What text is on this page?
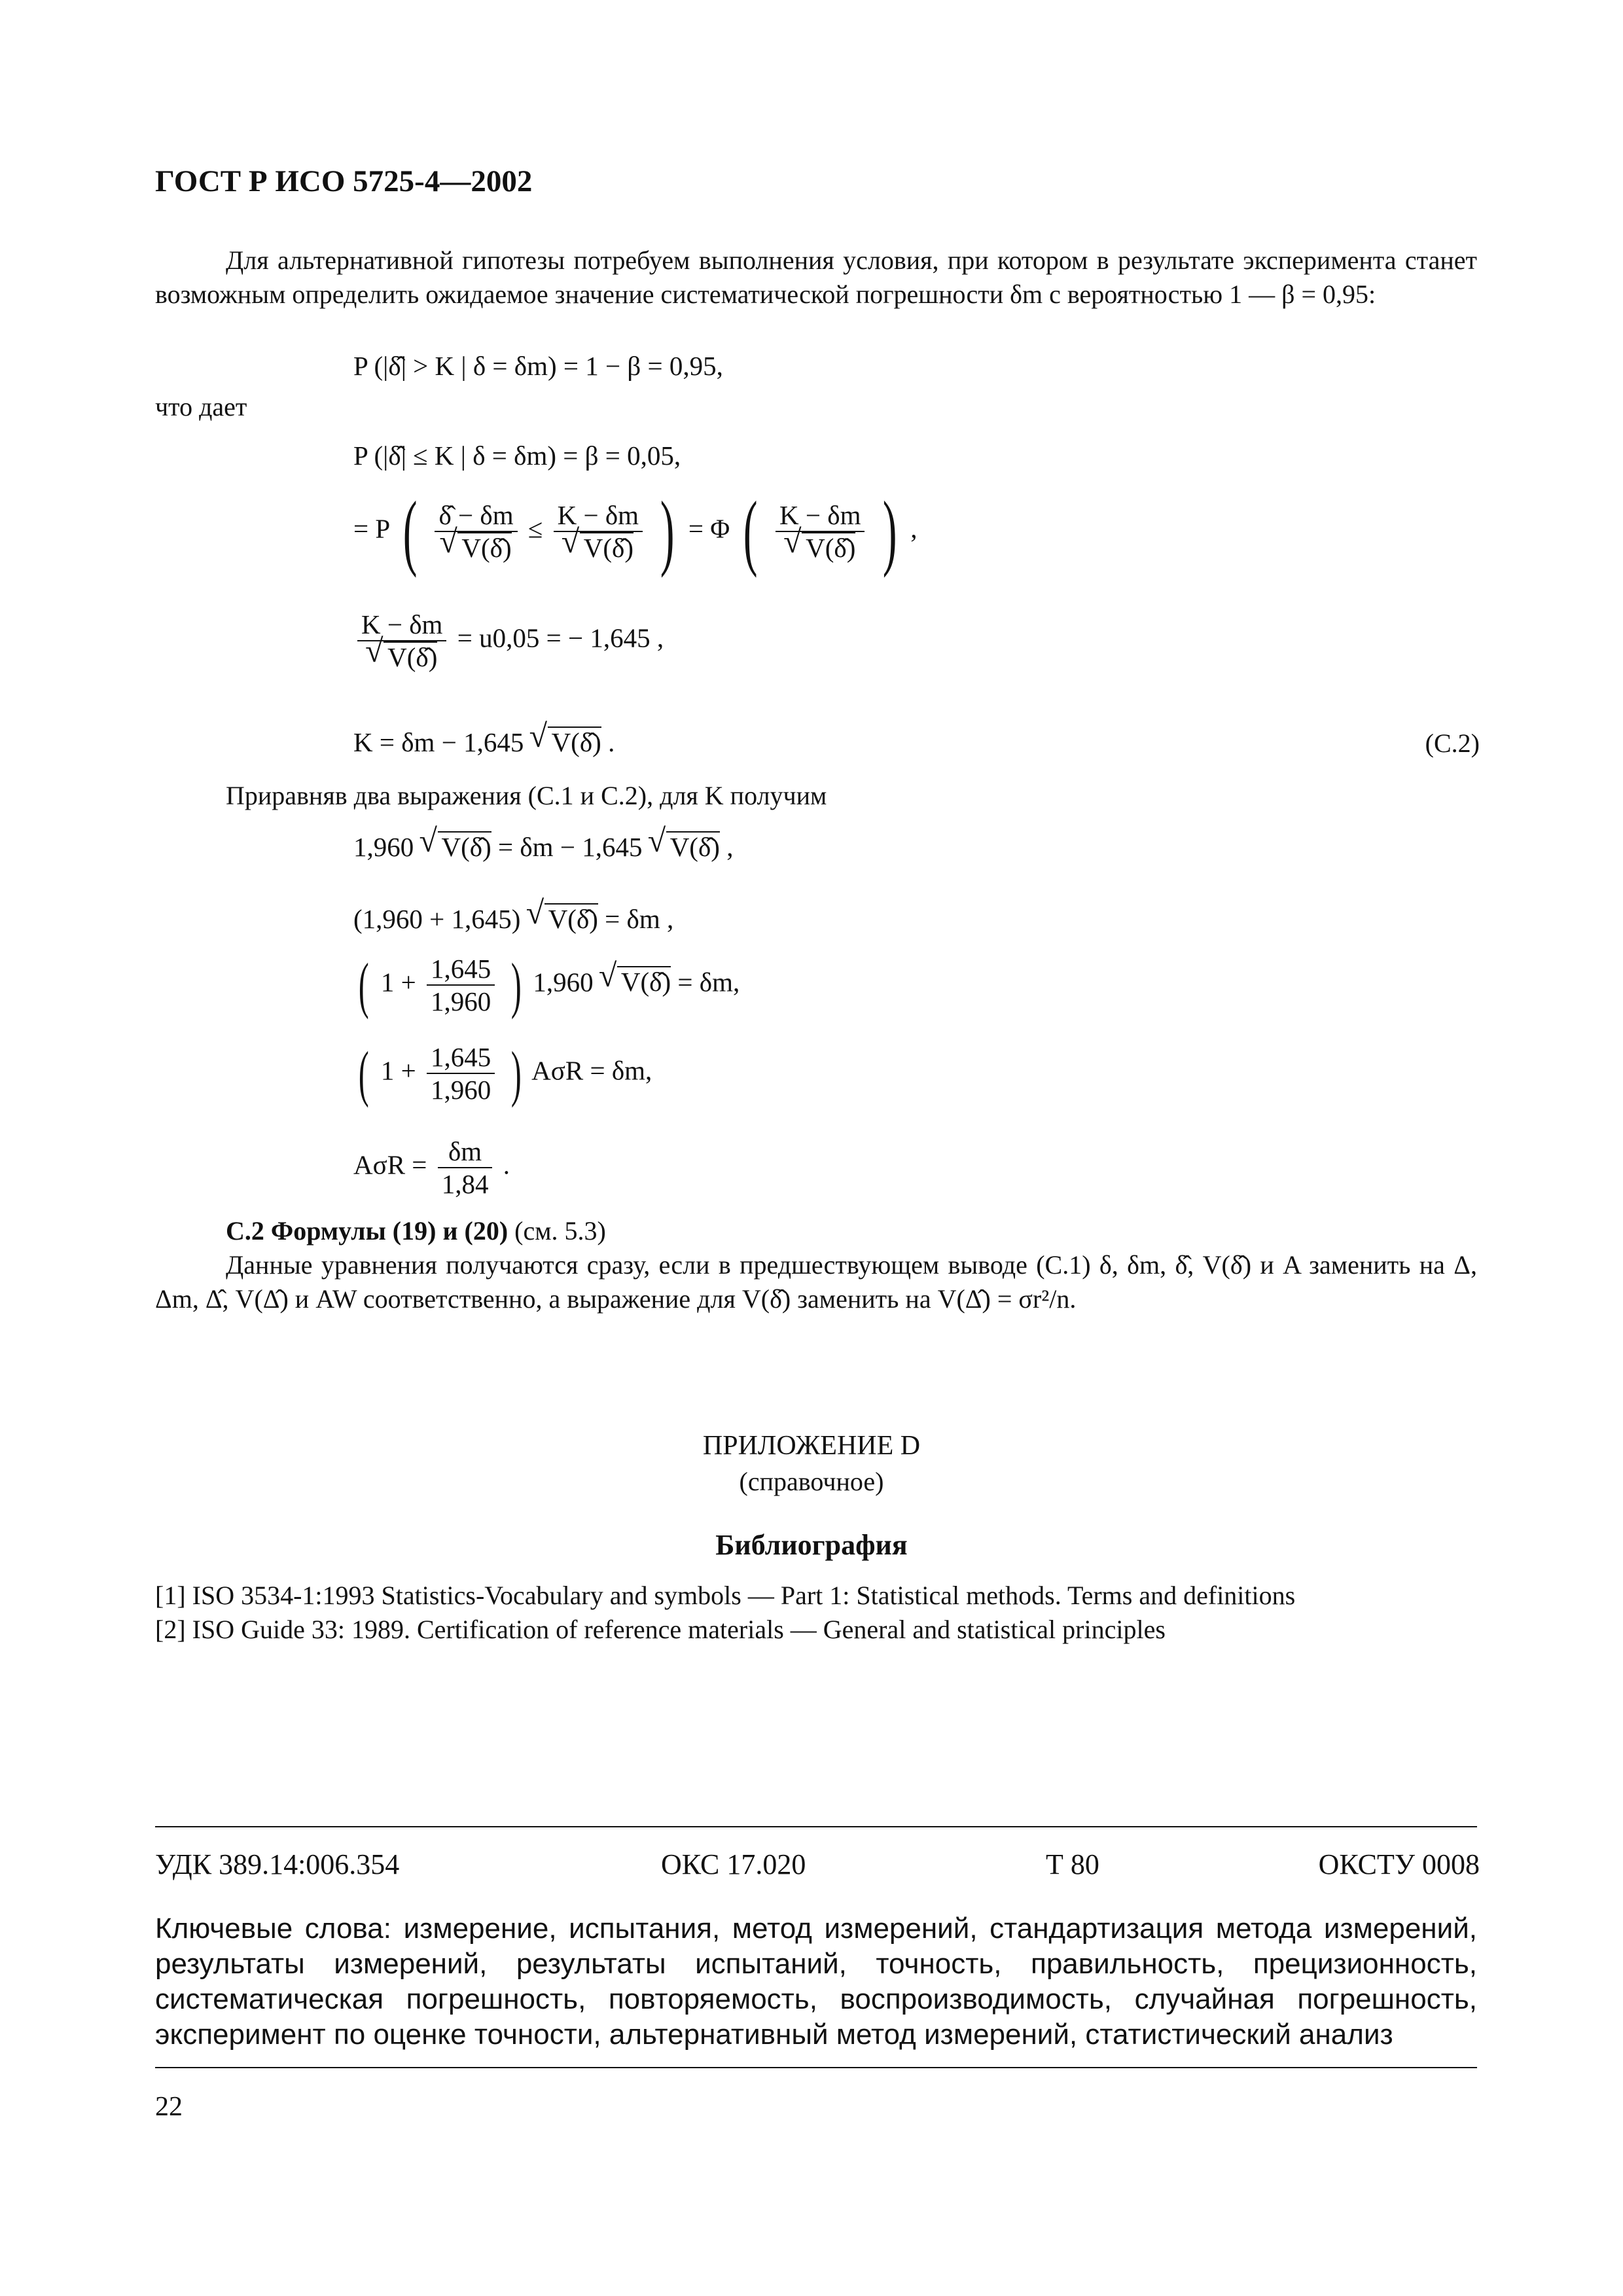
ГОСТ Р ИСО 5725-4—2002
Для альтернативной гипотезы потребуем выполнения условия, при котором в результате эксперимента станет возможным определить ожидаемое значение систематической погрешности δm с вероятностью 1 — β = 0,95:
P (|δ̂| > K | δ = δm) = 1 − β = 0,95,
что дает
P (|δ̂| ≤ K | δ = δm) = β = 0,05,
= P ( δ̂ − δm
√ V(δ̂) ≤ K − δm
√ V(δ̂) ) = Φ ( K − δm
√ V(δ̂) ) ,
K − δm
√ V(δ̂) = u0,05 = − 1,645 ,
K = δm − 1,645 √ V(δ̂) .	(C.2)
Приравняв два выражения (С.1 и С.2), для K получим
1,960 √ V(δ̂) = δm − 1,645 √ V(δ̂) ,
(1,960 + 1,645) √ V(δ̂) = δm ,
( $1 + \frac{1,645}{1,960}$ ) 1,960 √ V(δ̂) = δm,
( $1 + \frac{1,645}{1,960}$ ) AσR = δm,
$A\sigma R = \frac{\delta m}{1,84}$ .
C.2 Формулы (19) и (20) (см. 5.3)
Данные уравнения получаются сразу, если в предшествующем выводе (С.1) δ, δm, δ̂, V(δ̂) и A заменить на Δ, Δm, Δ̂, V(Δ̂) и AW соответственно, а выражение для V(δ̂) заменить на V(Δ̂) = σr²/n.
ПРИЛОЖЕНИЕ D
(справочное)
Библиография
[1] ISO 3534-1:1993 Statistics-Vocabulary and symbols — Part 1: Statistical methods. Terms and definitions
[2] ISO Guide 33: 1989. Certification of reference materials — General and statistical principles
УДК 389.14:006.354	ОКС 17.020	Т 80	ОКСТУ 0008
Ключевые слова: измерение, испытания, метод измерений, стандартизация метода измерений, результаты измерений, результаты испытаний, точность, правильность, прецизионность, систематическая погрешность, повторяемость, воспроизводимость, случайная погрешность, эксперимент по оценке точности, альтернативный метод измерений, статистический анализ
22
